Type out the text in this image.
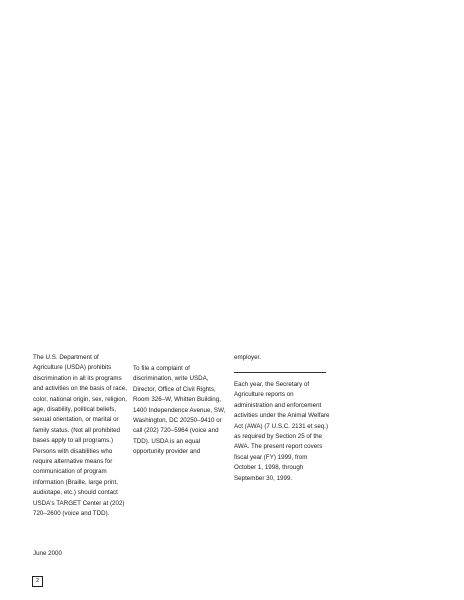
The U.S. Department of
Agriculture (USDA) prohibits
discrimination in all its programs
and activities on the basis of race,
color, national origin, sex, religion,
age, disability, political beliefs,
sexual orientation, or marital or
family status. (Not all prohibited
bases apply to all programs.)
Persons with disabilities who
require alternative means for
communication of program
information (Braille, large print,
audiotape, etc.) should contact
USDA's TARGET Center at (202)
720–2600 (voice and TDD).
To file a complaint of
discrimination, write USDA,
Director, Office of Civil Rights,
Room 326–W, Whitten Building,
1400 Independence Avenue, SW,
Washington, DC 20250–9410 or
call (202) 720–5964 (voice and
TDD). USDA is an equal
opportunity provider and
employer.
Each year, the Secretary of
Agriculture reports on
administration and enforcement
activities under the Animal Welfare
Act (AWA) (7 U.S.C. 2131 et seq.)
as required by Section 25 of the
AWA. The present report covers
fiscal year (FY) 1999, from
October 1, 1998, through
September 30, 1999.
June 2000
2
